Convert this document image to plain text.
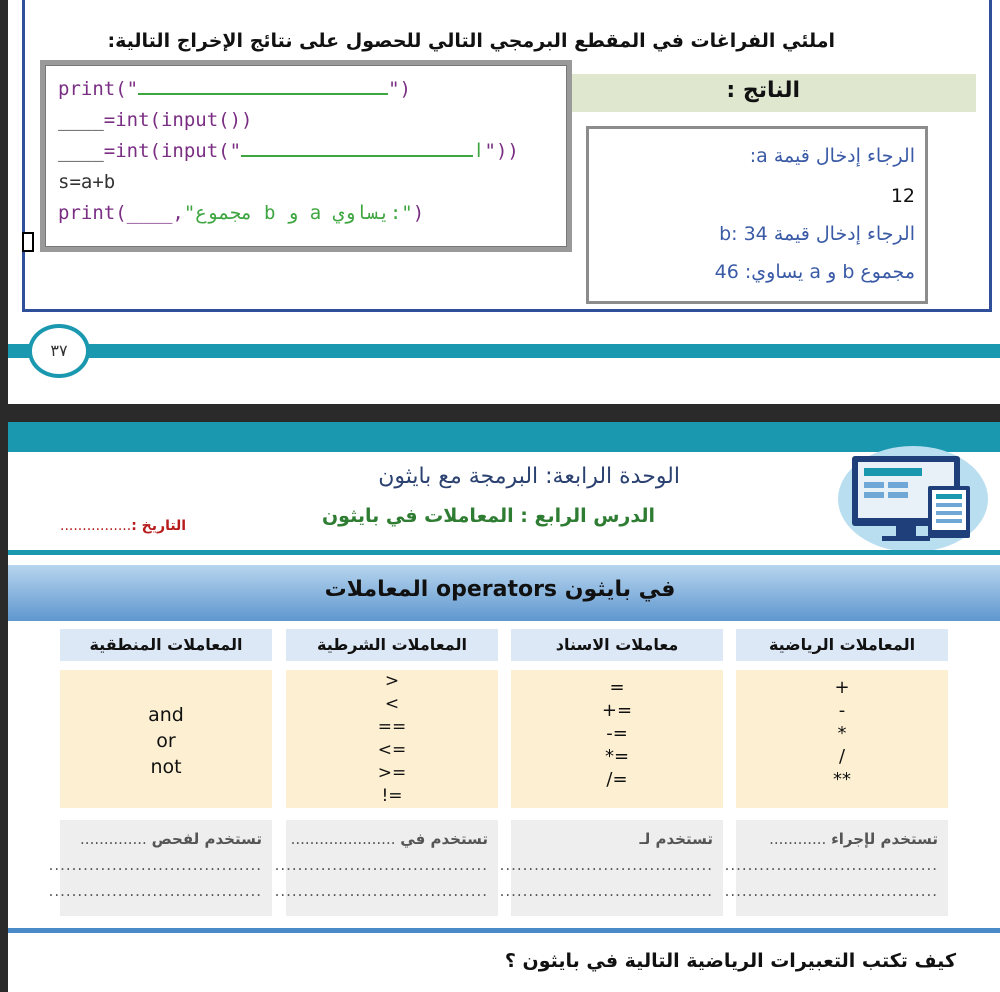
املئي الفراغات في المقطع البرمجي التالي للحصول على نتائج الإخراج التالية:
print("	")
____=int(input())
____=int(input("	ا"))
s=a+b
print(____,"مجموع b و a يساوي:")
الناتج :
الرجاء إدخال قيمة a:
12
الرجاء إدخال قيمة b: 34
مجموع b و a يساوي: 46
٣٧
الوحدة الرابعة: البرمجة مع بايثون
الدرس الرابع : المعاملات في بايثون
التاريخ :................
المعاملات operators في بايثون
المعاملات الرياضية
معاملات الاسناد
المعاملات الشرطية
المعاملات المنطقية
+
-
*
/
**
=
+=
-=
*=
/=
>
<
==
<=
>=
!=
and
or
not
تستخدم لإجراء ............
.....................................
.....................................
تستخدم لـ
.....................................
.....................................
تستخدم في ......................
.....................................
.....................................
تستخدم لفحص ..............
.....................................
.....................................
كيف تكتب التعبيرات الرياضية التالية في بايثون ؟
